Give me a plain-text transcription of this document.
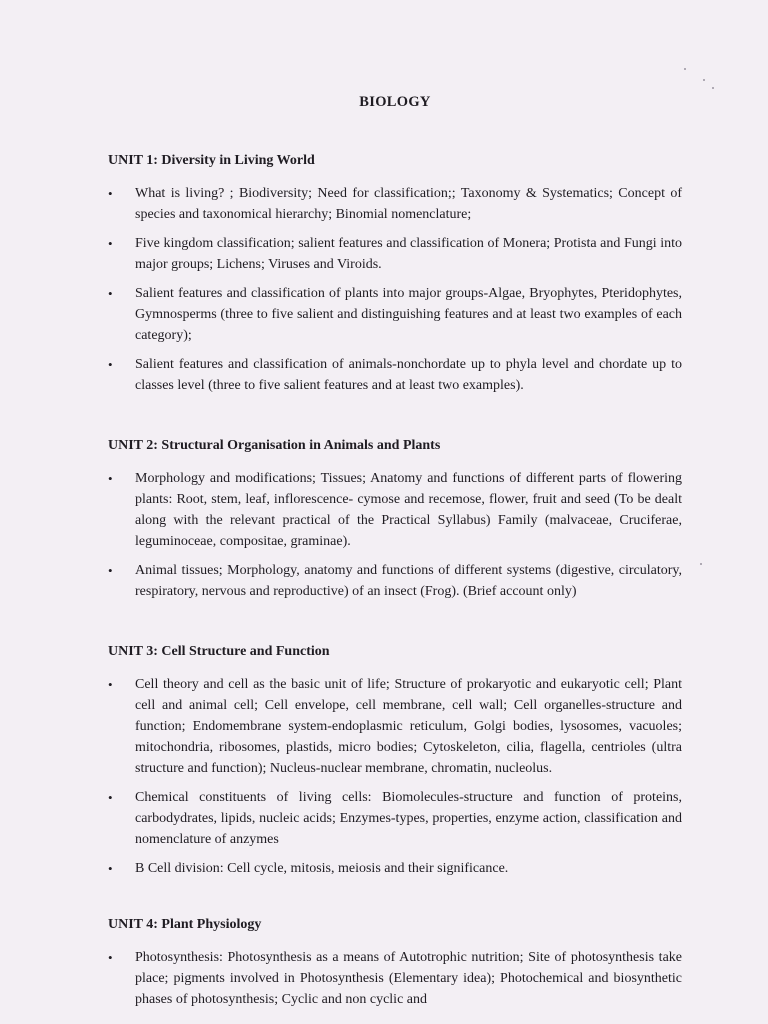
BIOLOGY
UNIT 1: Diversity in Living World
• What is living? ; Biodiversity; Need for classification;; Taxonomy & Systematics; Concept of species and taxonomical hierarchy; Binomial nomenclature;
• Five kingdom classification; salient features and classification of Monera; Protista and Fungi into major groups; Lichens; Viruses and Viroids.
• Salient features and classification of plants into major groups-Algae, Bryophytes, Pteridophytes, Gymnosperms (three to five salient and distinguishing features and at least two examples of each category);
• Salient features and classification of animals-nonchordate up to phyla level and chordate up to classes level (three to five salient features and at least two examples).
UNIT 2: Structural Organisation in Animals and Plants
• Morphology and modifications; Tissues; Anatomy and functions of different parts of flowering plants: Root, stem, leaf, inflorescence- cymose and recemose, flower, fruit and seed (To be dealt along with the relevant practical of the Practical Syllabus) Family (malvaceae, Cruciferae, leguminoceae, compositae, graminae).
• Animal tissues; Morphology, anatomy and functions of different systems (digestive, circulatory, respiratory, nervous and reproductive) of an insect (Frog). (Brief account only)
UNIT 3: Cell Structure and Function
• Cell theory and cell as the basic unit of life; Structure of prokaryotic and eukaryotic cell; Plant cell and animal cell; Cell envelope, cell membrane, cell wall; Cell organelles-structure and function; Endomembrane system-endoplasmic reticulum, Golgi bodies, lysosomes, vacuoles; mitochondria, ribosomes, plastids, micro bodies; Cytoskeleton, cilia, flagella, centrioles (ultra structure and function); Nucleus-nuclear membrane, chromatin, nucleolus.
• Chemical constituents of living cells: Biomolecules-structure and function of proteins, carbodydrates, lipids, nucleic acids; Enzymes-types, properties, enzyme action, classification and nomenclature of anzymes
• B Cell division: Cell cycle, mitosis, meiosis and their significance.
UNIT 4: Plant Physiology
• Photosynthesis: Photosynthesis as a means of Autotrophic nutrition; Site of photosynthesis take place; pigments involved in Photosynthesis (Elementary idea); Photochemical and biosynthetic phases of photosynthesis; Cyclic and non cyclic and
